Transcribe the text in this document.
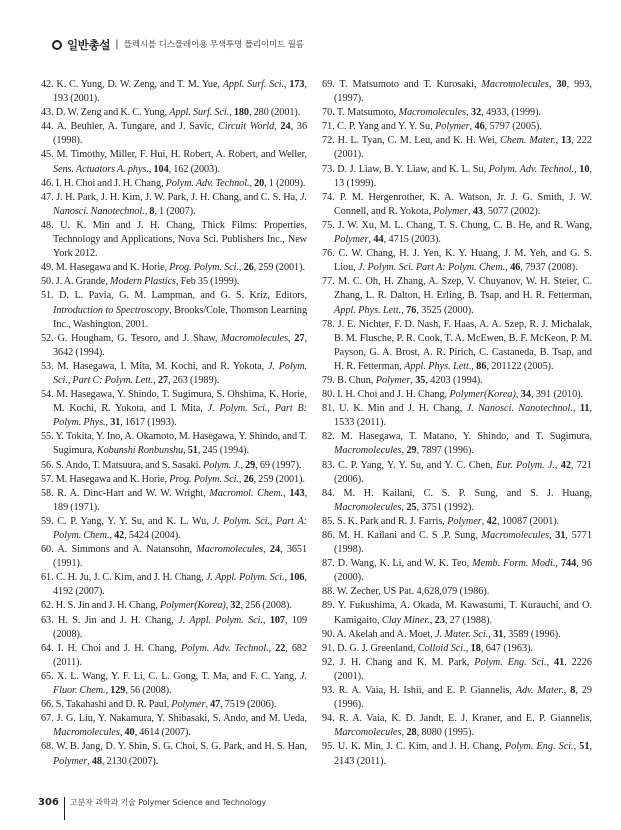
일반총설 | 플렉시블 디스플레이용 무색투명 폴리이미드 필름

42. K. C. Yung, D. W. Zeng, and T. M. Yue, Appl. Surf. Sci., 173, 193 (2001).

43. D. W. Zeng and K. C. Yung, Appl. Surf. Sci., 180, 280 (2001).

44. A. Beuhler, A. Tungare, and J. Savic, Circuit World, 24, 36 (1998).

45. M. Timothy, Miller, F. Hui, H. Robert, A. Robert, and Weller, Sens. Actuators A. phys., 104, 162 (2003).

46. I. H. Choi and J. H. Chang, Polym. Adv. Technol., 20, 1 (2009).

47. J. H. Park, J. H. Kim, J. W. Park, J. H. Chang, and C. S. Ha, J. Nanosci. Nanotechnol., 8, 1 (2007).

48. U. K. Min and J. H. Chang, Thick Films: Properties, Technology and Applications, Nova Sci. Publishers Inc., New York 2012.

49. M. Hasegawa and K. Horie, Prog. Polym. Sci., 26, 259 (2001).

50. J. A. Grande, Modern Plastics, Feb 35 (1999).

51. D. L. Pavia, G. M. Lampman, and G. S. Kriz, Editors, Introduction to Spectroscopy, Brooks/Cole, Thomson Learning Inc., Washington, 2001.

52. G. Hougham, G. Tesoro, and J. Shaw, Macromolecules, 27, 3642 (1994).

53. M. Hasegawa, I. Mita, M. Kochi, and R. Yokota, J. Polym. Sci., Part C: Polym. Lett., 27, 263 (1989).

54. M. Hasegawa, Y. Shindo, T. Sugimura, S. Ohshima, K. Horie, M. Kochi, R. Yokota, and I. Mita, J. Polym. Sci., Part B: Polym. Phys., 31, 1617 (1993).

55. Y. Tokita, Y. Ino, A. Okamoto, M. Hasegawa, Y. Shindo, and T. Sugimura, Kobunshi Ronbunshu, 51, 245 (1994).

56. S. Ando, T. Matsuura, and S. Sasaki. Polym. J., 29, 69 (1997).

57. M. Hasegawa and K. Horie, Prog. Polym. Sci., 26, 259 (2001).

58. R. A. Dinc-Hart and W. W. Wright, Macromol. Chem., 143, 189 (1971).

59. C. P. Yang, Y. Y. Su, and K. L. Wu, J. Polym. Sci., Part A: Polym. Chem., 42, 5424 (2004).

60. A. Simmons and A. Natansohn, Macromolecules, 24, 3651 (1991).

61. C. H. Ju, J. C. Kim, and J. H. Chang, J. Appl. Polym. Sci., 106, 4192 (2007).

62. H. S. Jin and J. H. Chang, Polymer(Korea), 32, 256 (2008).

63. H. S. Jin and J. H. Chang, J. Appl. Polym. Sci., 107, 109 (2008).

64. I. H. Choi and J. H. Chang, Polym. Adv. Technol., 22, 682 (2011).

65. X. L. Wang, Y. F. Li, C. L. Gong, T. Ma, and F. C. Yang, J. Fluor. Chem., 129, 56 (2008).

66. S. Takahashi and D. R. Paul, Polymer, 47, 7519 (2006).

67. J. G. Liu, Y. Nakamura, Y. Shibasaki, S. Ando, and M. Ueda, Macromolecules, 40, 4614 (2007).

68. W. B. Jang, D. Y. Shin, S. G. Choi, S. G. Park, and H. S. Han, Polymer, 48, 2130 (2007).

69. T. Matsumoto and T. Kurosaki, Macromolecules, 30, 993, (1997).

70. T. Matsumoto, Macromolecules, 32, 4933, (1999).

71. C. P. Yang and Y. Y. Su, Polymer, 46, 5797 (2005).

72. H. L. Tyan, C. M. Leu, and K. H. Wei, Chem. Mater., 13, 222 (2001).

73. D. J. Liaw, B. Y. Liaw, and K. L. Su, Polym. Adv. Technol., 10, 13 (1999).

74. P. M. Hergenrother, K. A. Watson, Jr. J. G. Smith, J. W. Connell, and R. Yokota, Polymer, 43, 5077 (2002).

75. J. W. Xu, M. L. Chang, T. S. Chung, C. B. He, and R. Wang, Polymer, 44, 4715 (2003).

76. C. W. Chang, H. J. Yen, K. Y. Huang, J. M. Yeh, and G. S. Liou, J. Polym. Sci. Part A: Polym. Chem., 46, 7937 (2008).

77. M. C. Oh, H. Zhang, A. Szep, V. Chuyanov, W. H. Steier, C. Zhang, L. R. Dalton, H. Erling, B. Tsap, and H. R. Fetterman, Appl. Phys. Lett., 76, 3525 (2000).

78. J. E. Nichter, F. D. Nash, F. Haas, A. A. Szep, R. J. Michalak, B. M. Flusche, P. R. Cook, T. A. McEwen, B. F. McKeon, P. M. Payson, G. A. Brost, A. R. Pirich, C. Castaneda, B. Tsap, and H. R. Fetterman, Appl. Phys. Lett., 86, 201122 (2005).

79. B. Chun, Polymer, 35, 4203 (1994).

80. I. H. Choi and J. H. Chang, Polymer(Korea), 34, 391 (2010).

81. U. K. Min and J. H. Chang, J. Nanosci. Nanotechnol., 11, 1533 (2011).

82. M. Hasegawa, T. Matano, Y. Shindo, and T. Sugimura, Macromolecules, 29, 7897 (1996).

83. C. P. Yang, Y. Y. Su, and Y. C. Chen, Eur. Polym. J., 42, 721 (2006).

84. M. H. Kailani, C. S. P. Sung, and S. J. Huang, Macromolecules, 25, 3751 (1992).

85. S. K. Park and R. J. Farris, Polymer, 42, 10087 (2001).

86. M. H. Kailani and C. S .P. Sung, Macromolecules, 31, 5771 (1998).

87. D. Wang, K. Li, and W. K. Teo, Memb. Form. Modi., 744, 96 (2000).

88. W. Zecher, US Pat. 4,628,079 (1986).

89. Y. Fukushima, A. Okada, M. Kawasumi, T. Kurauchi, and O. Kamigaito, Clay Miner., 23, 27 (1988).

90. A. Akelah and A. Moet, J. Mater. Sci., 31, 3589 (1996).

91. D. G. J. Greenland, Colloid Sci., 18, 647 (1963).

92. J. H. Chang and K. M. Park, Polym. Eng. Sci., 41. 2226 (2001).

93. R. A. Vaia, H. Ishii, and E. P. Giannelis, Adv. Mater., 8, 29 (1996).

94. R. A. Vaia, K. D. Jandt, E. J. Kraner, and E. P. Giannelis, Marcomolecules, 28, 8080 (1995).

95. U. K. Min, J. C. Kim, and J. H. Chang, Polym. Eng. Sci., 51, 2143 (2011).

306 고분자 과학과 기술 Polymer Science and Technology
